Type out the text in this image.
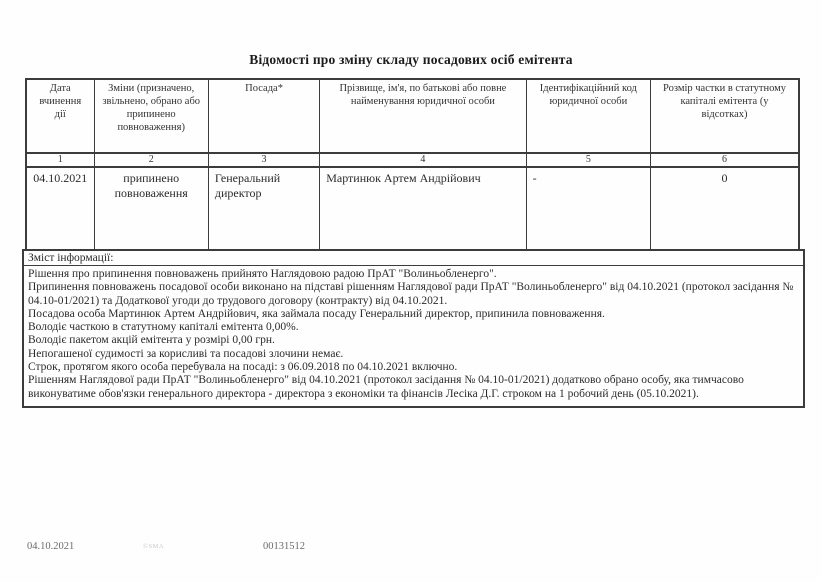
Відомості про зміну складу посадових осіб емітента
Дата вчинення дії	Зміни (призначено, звільнено, обрано або припинено повноваження)	Посада*	Прізвище, ім'я, по батькові або повне найменування юридичної особи	Ідентифікаційний код юридичної особи	Розмір частки в статутному капіталі емітента (у відсотках)
1	2	3	4	5	6
04.10.2021	припинено повноваження	Генеральний директор	Мартинюк Артем Андрійович	-	0
Зміст інформації:

Рішення про припинення повноважень прийнято Наглядовою радою ПрАТ "Волиньобленерго".

Припинення повноважень посадової особи виконано на підставі рішенням Наглядової ради ПрАТ "Волиньобленерго" від 04.10.2021 (протокол засідання № 04.10-01/2021) та Додаткової угоди до трудового договору (контракту) від 04.10.2021.

Посадова особа Мартинюк Артем Андрійович, яка займала посаду Генеральний директор, припинила повноваження.

Володіє часткою в статутному капіталі емітента 0,00%.

Володіє пакетом акцій емітента у розмірі 0,00 грн.

Непогашеної судимості за корисливі та посадові злочини немає.

Строк, протягом якого особа перебувала на посаді: з 06.09.2018 по 04.10.2021 включно.

Рішенням Наглядової ради ПрАТ "Волиньобленерго" від 04.10.2021 (протокол засідання № 04.10-01/2021) додатково обрано особу, яка тимчасово виконуватиме обов'язки генерального директора - директора з економіки та фінансів Лесіка Д.Г. строком на 1 робочий день (05.10.2021).

04.10.2021	©SMA	00131512
